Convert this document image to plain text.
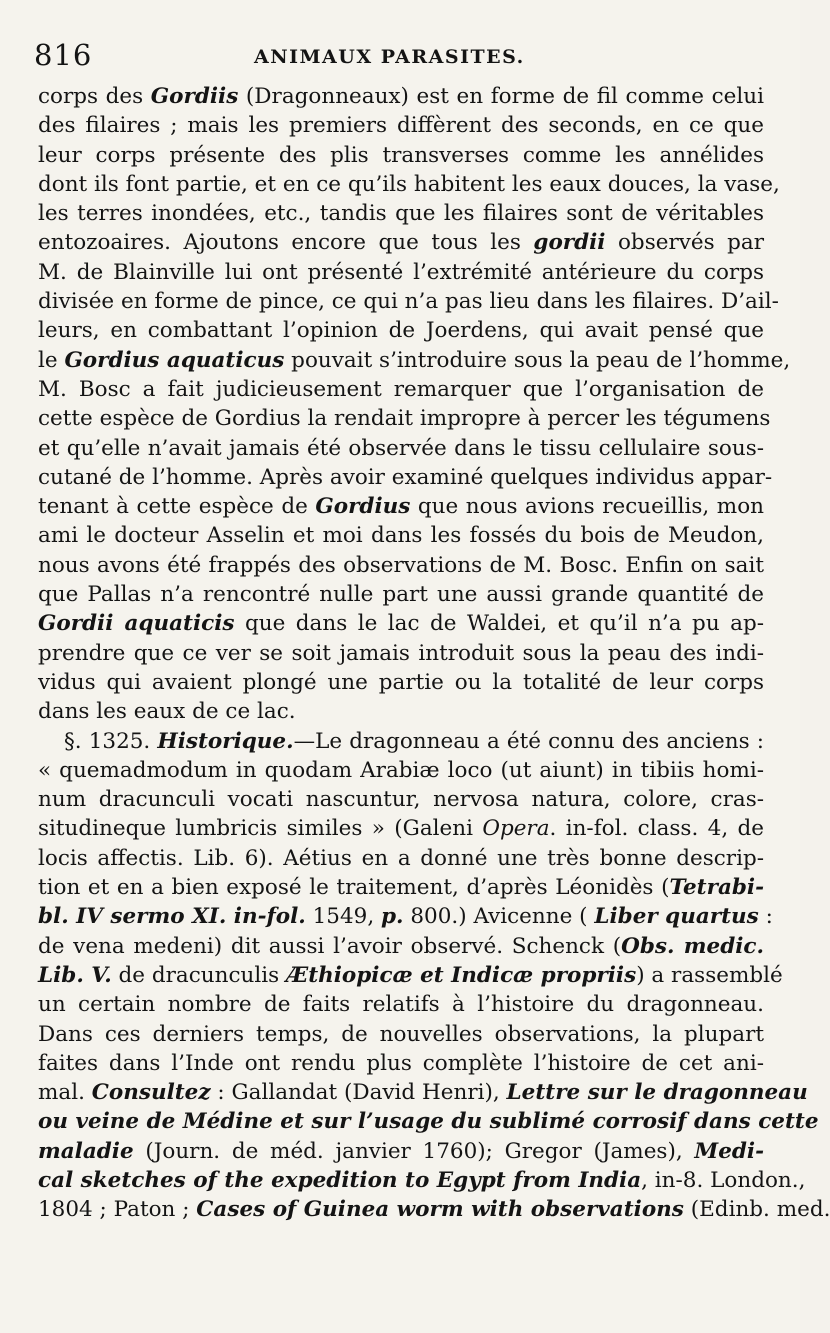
816	ANIMAUX PARASITES.
corps des Gordiis (Dragonneaux) est en forme de fil comme celui
des filaires ; mais les premiers diffèrent des seconds, en ce que
leur corps présente des plis transverses comme les annélides
dont ils font partie, et en ce qu’ils habitent les eaux douces, la vase,
les terres inondées, etc., tandis que les filaires sont de véritables
entozoaires. Ajoutons encore que tous les gordii observés par
M. de Blainville lui ont présenté l’extrémité antérieure du corps
divisée en forme de pince, ce qui n’a pas lieu dans les filaires. D’ail-
leurs, en combattant l’opinion de Joerdens, qui avait pensé que
le Gordius aquaticus pouvait s’introduire sous la peau de l’homme,
M. Bosc a fait judicieusement remarquer que l’organisation de
cette espèce de Gordius la rendait impropre à percer les tégumens
et qu’elle n’avait jamais été observée dans le tissu cellulaire sous-
cutané de l’homme. Après avoir examiné quelques individus appar-
tenant à cette espèce de Gordius que nous avions recueillis, mon
ami le docteur Asselin et moi dans les fossés du bois de Meudon,
nous avons été frappés des observations de M. Bosc. Enfin on sait
que Pallas n’a rencontré nulle part une aussi grande quantité de
Gordii aquaticis que dans le lac de Waldei, et qu’il n’a pu ap-
prendre que ce ver se soit jamais introduit sous la peau des indi-
vidus qui avaient plongé une partie ou la totalité de leur corps
dans les eaux de ce lac.
§. 1325. Historique.—Le dragonneau a été connu des anciens :
« quemadmodum in quodam Arabiæ loco (ut aiunt) in tibiis homi-
num dracunculi vocati nascuntur, nervosa natura, colore, cras-
situdineque lumbricis similes » (Galeni Opera. in-fol. class. 4, de
locis affectis. Lib. 6). Aétius en a donné une très bonne descrip-
tion et en a bien exposé le traitement, d’après Léonidès (Tetrabi-
bl. IV sermo XI. in-fol. 1549, p. 800.) Avicenne ( Liber quartus :
de vena medeni) dit aussi l’avoir observé. Schenck (Obs. medic.
Lib. V. de dracunculis Æthiopicæ et Indicæ propriis) a rassemblé
un certain nombre de faits relatifs à l’histoire du dragonneau.
Dans ces derniers temps, de nouvelles observations, la plupart
faites dans l’Inde ont rendu plus complète l’histoire de cet ani-
mal. Consultez : Gallandat (David Henri), Lettre sur le dragonneau
ou veine de Médine et sur l’usage du sublimé corrosif dans cette
maladie (Journ. de méd. janvier 1760); Gregor (James), Medi-
cal sketches of the expedition to Egypt from India, in-8. London.,
1804 ; Paton ; Cases of Guinea worm with observations (Edinb. med.
